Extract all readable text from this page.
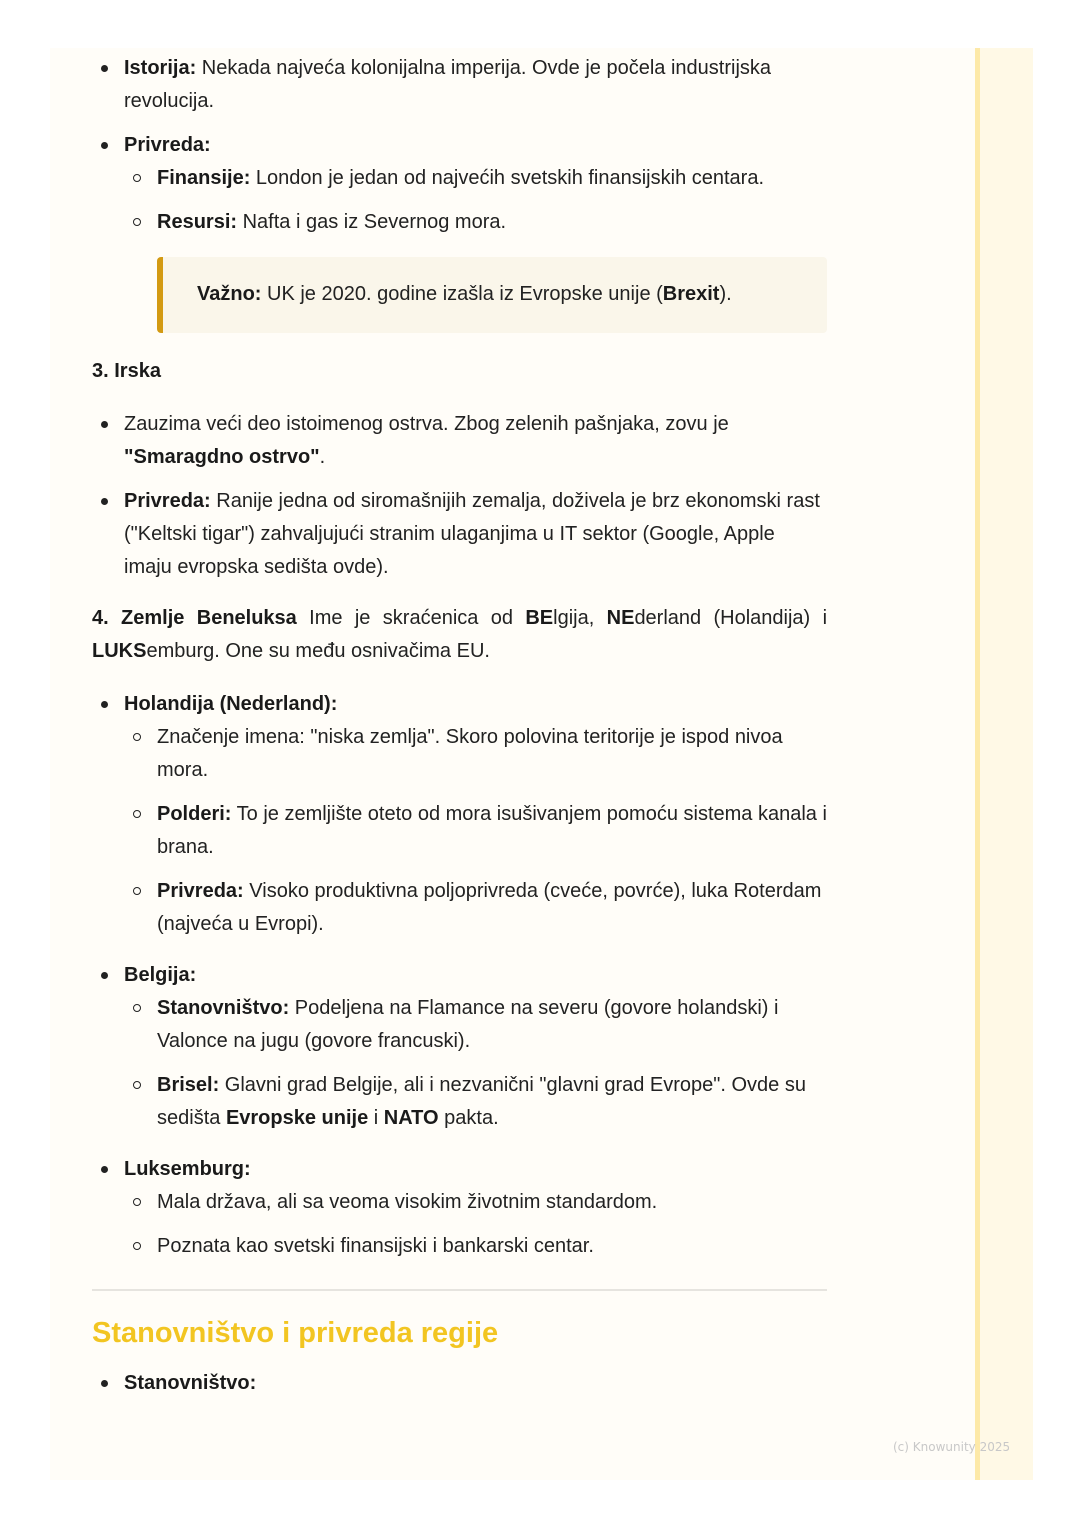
Istorija: Nekada najveća kolonijalna imperija. Ovde je počela industrijska revolucija.
Privreda:
Finansije: London je jedan od najvećih svetskih finansijskih centara.
Resursi: Nafta i gas iz Severnog mora.
Važno: UK je 2020. godine izašla iz Evropske unije (Brexit).
3. Irska
Zauzima veći deo istoimenog ostrva. Zbog zelenih pašnjaka, zovu je "Smaragdno ostrvo".
Privreda: Ranije jedna od siromašnijih zemalja, doživela je brz ekonomski rast ("Keltski tigar") zahvaljujući stranim ulaganjima u IT sektor (Google, Apple imaju evropska sedišta ovde).
4. Zemlje Beneluksa Ime je skraćenica od BElgija, NEderland (Holandija) i LUKSemburg. One su među osnivačima EU.
Holandija (Nederland):
Značenje imena: "niska zemlja". Skoro polovina teritorije je ispod nivoa mora.
Polderi: To je zemljište oteto od mora isušivanjem pomoću sistema kanala i brana.
Privreda: Visoko produktivna poljoprivreda (cveće, povrće), luka Roterdam (najveća u Evropi).
Belgija:
Stanovništvo: Podeljena na Flamance na severu (govore holandski) i Valonce na jugu (govore francuski).
Brisel: Glavni grad Belgije, ali i nezvanični "glavni grad Evrope". Ovde su sedišta Evropske unije i NATO pakta.
Luksemburg:
Mala država, ali sa veoma visokim životnim standardom.
Poznata kao svetski finansijski i bankarski centar.
Stanovništvo i privreda regije
Stanovništvo:
(c) Knowunity 2025
